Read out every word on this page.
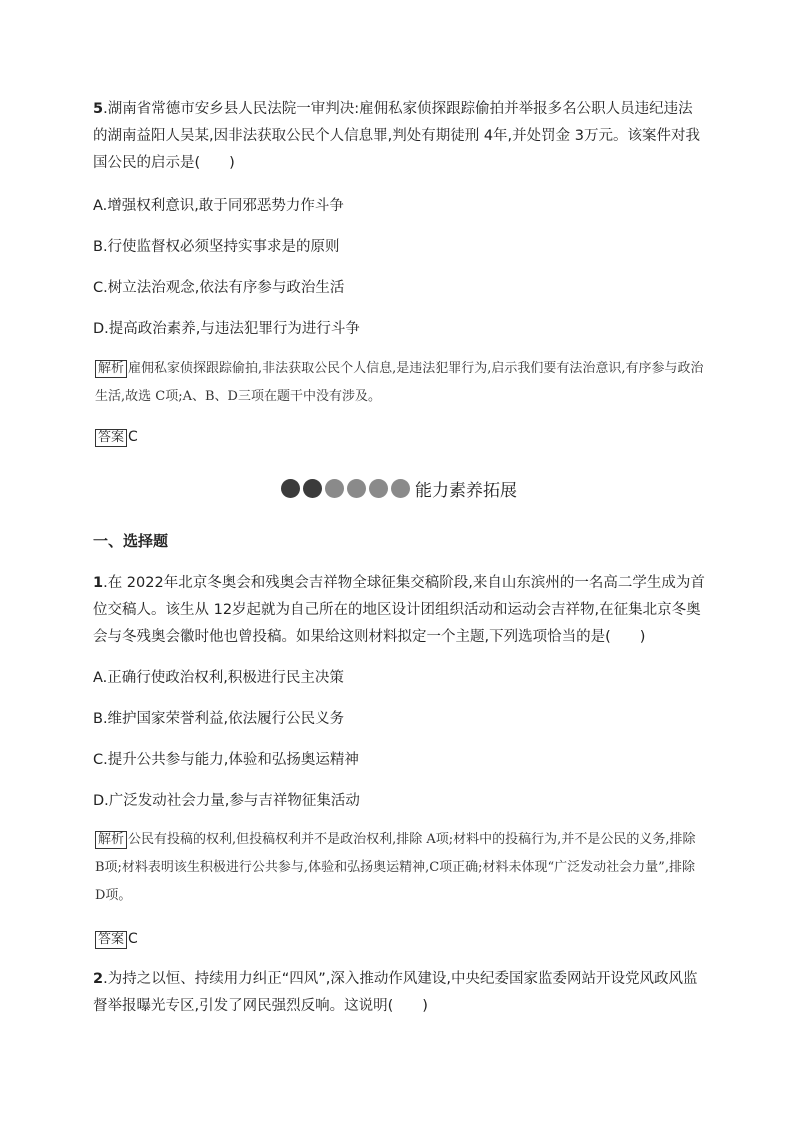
5.湖南省常德市安乡县人民法院一审判决:雇佣私家侦探跟踪偷拍并举报多名公职人员违纪违法的湖南益阳人吴某,因非法获取公民个人信息罪,判处有期徒刑 4年,并处罚金 3万元。该案件对我国公民的启示是(　　)
A.增强权利意识,敢于同邪恶势力作斗争
B.行使监督权必须坚持实事求是的原则
C.树立法治观念,依法有序参与政治生活
D.提高政治素养,与违法犯罪行为进行斗争
解析 雇佣私家侦探跟踪偷拍,非法获取公民个人信息,是违法犯罪行为,启示我们要有法治意识,有序参与政治生活,故选 C项;A、B、D三项在题干中没有涉及。
答案 C
能力素养拓展
一、选择题
1.在 2022年北京冬奥会和残奥会吉祥物全球征集交稿阶段,来自山东滨州的一名高二学生成为首位交稿人。该生从 12岁起就为自己所在的地区设计团组织活动和运动会吉祥物,在征集北京冬奥会与冬残奥会徽时他也曾投稿。如果给这则材料拟定一个主题,下列选项恰当的是(　　)
A.正确行使政治权利,积极进行民主决策
B.维护国家荣誉利益,依法履行公民义务
C.提升公共参与能力,体验和弘扬奥运精神
D.广泛发动社会力量,参与吉祥物征集活动
解析 公民有投稿的权利,但投稿权利并不是政治权利,排除 A项;材料中的投稿行为,并不是公民的义务,排除 B项;材料表明该生积极进行公共参与,体验和弘扬奥运精神,C项正确;材料未体现“广泛发动社会力量”,排除 D项。
答案 C
2.为持之以恒、持续用力纠正“四风”,深入推动作风建设,中央纪委国家监委网站开设党风政风监督举报曝光专区,引发了网民强烈反响。这说明(　　)
